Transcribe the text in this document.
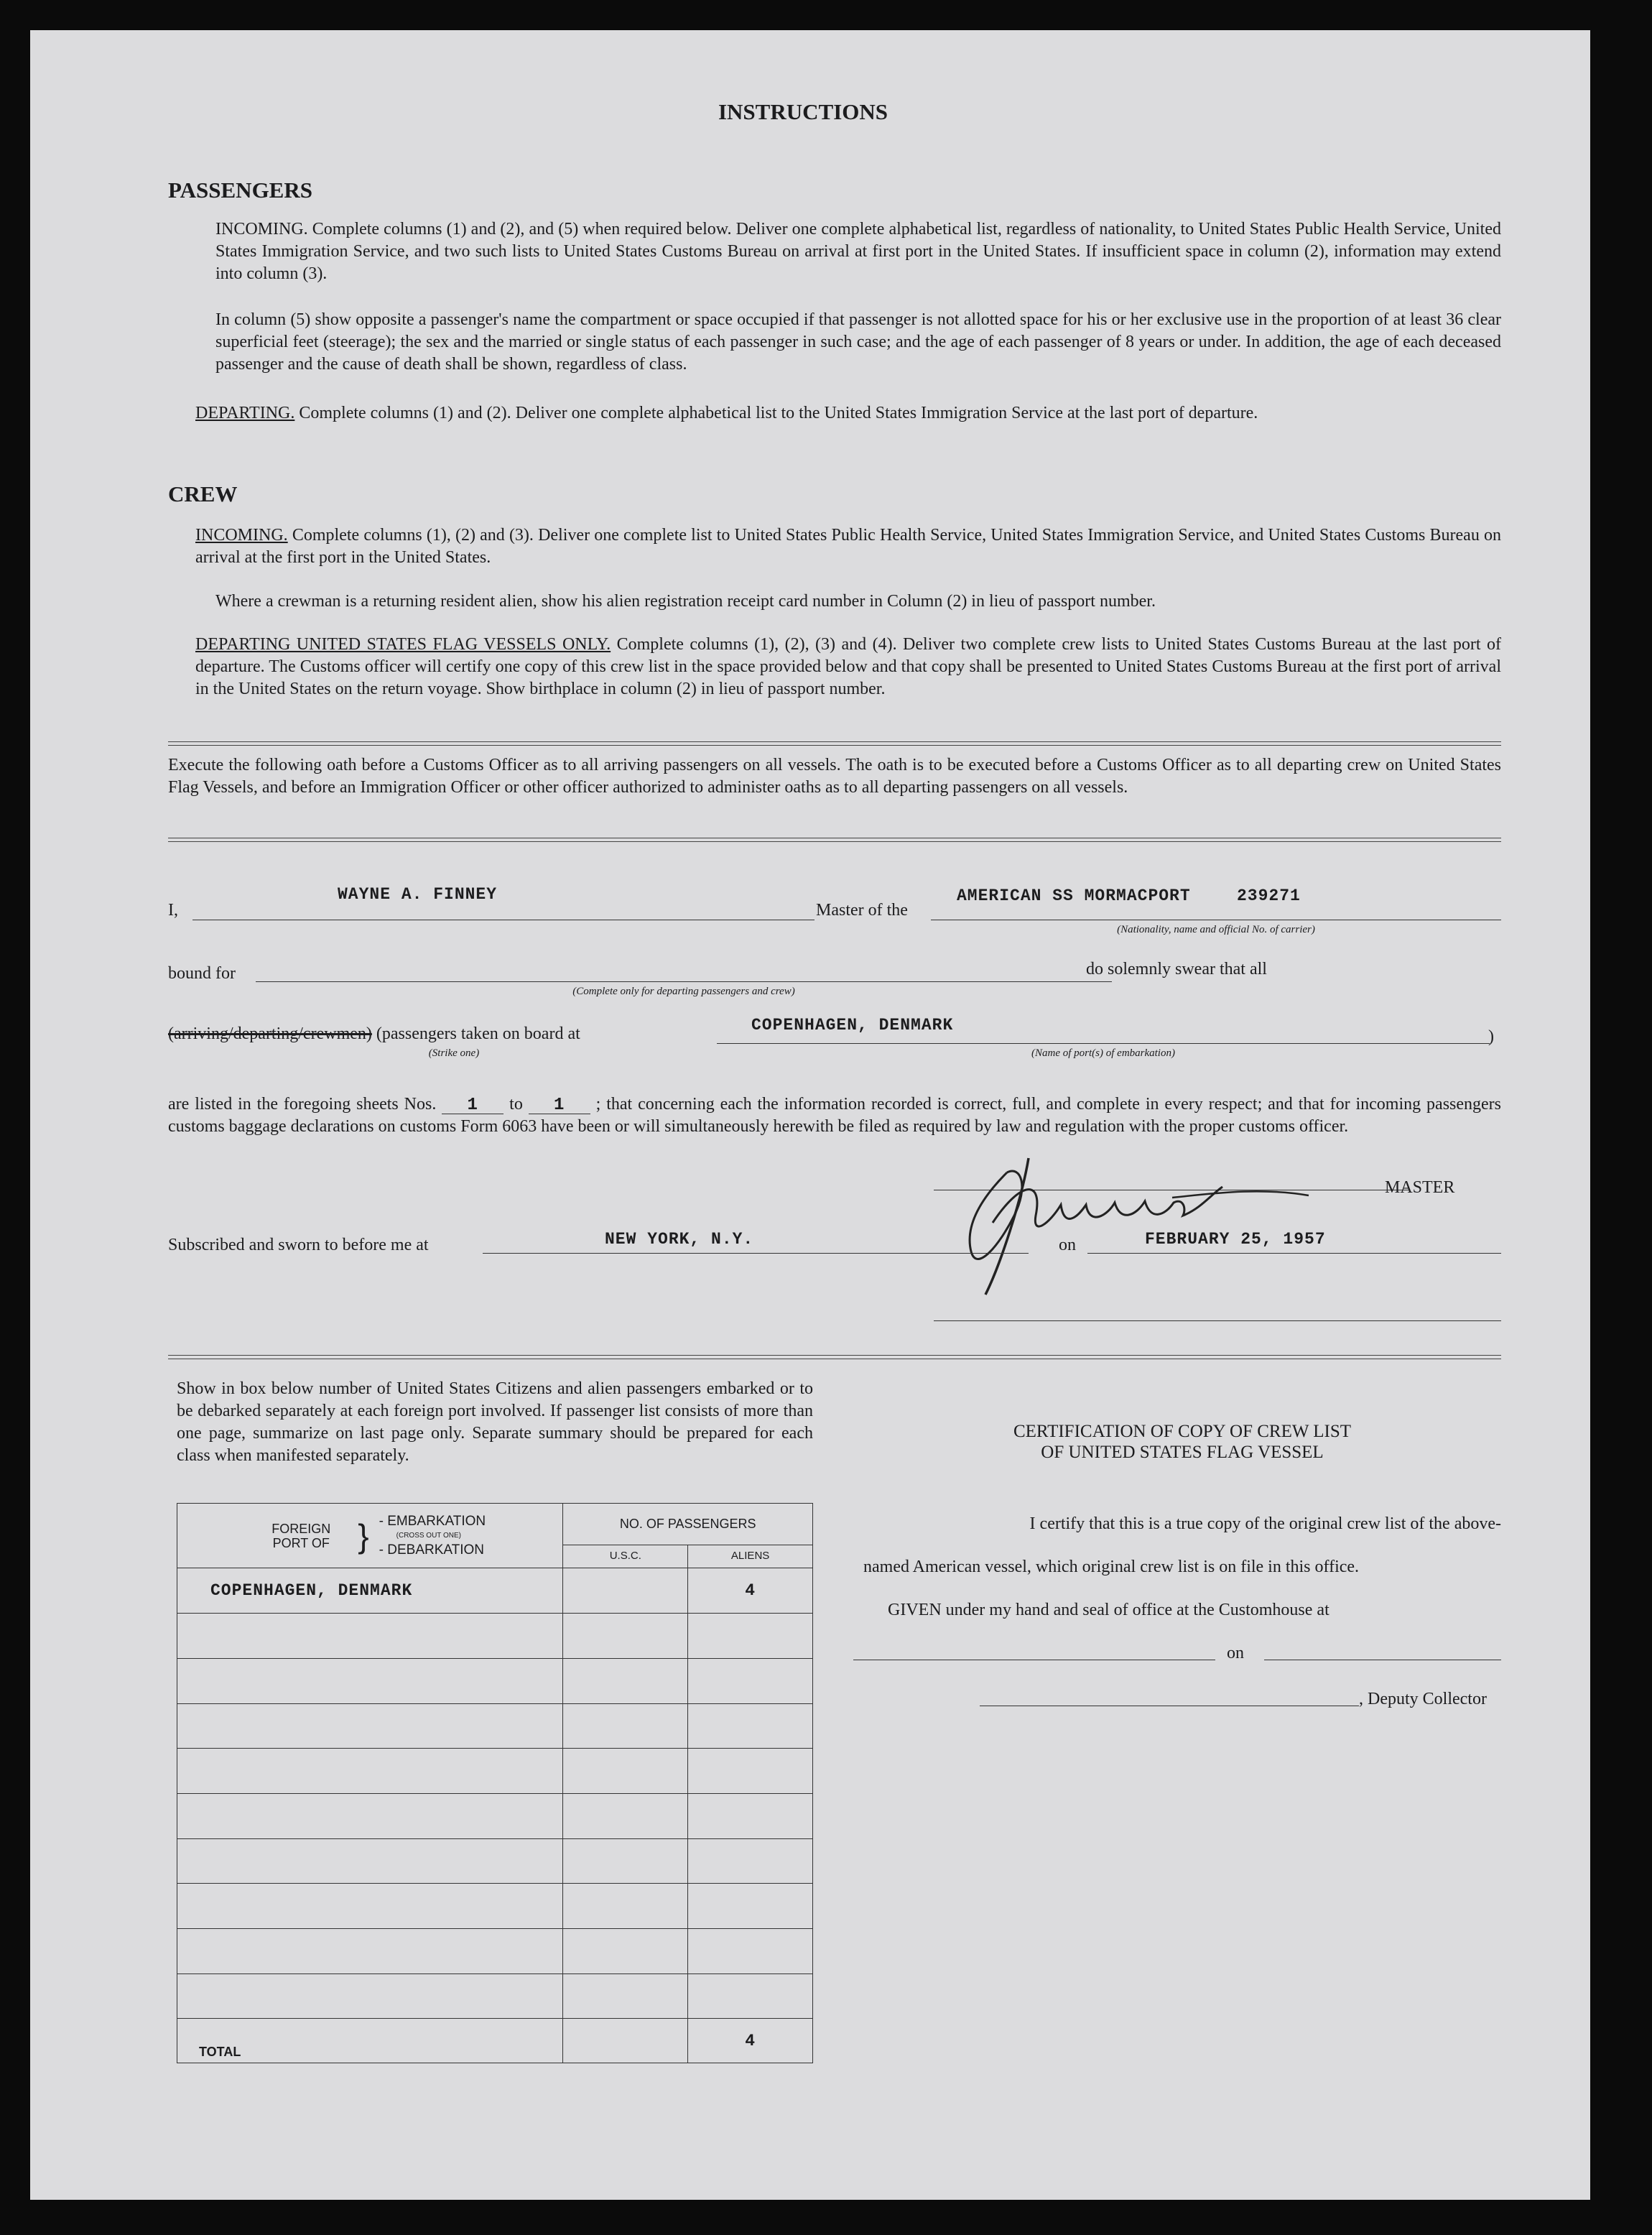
INSTRUCTIONS
PASSENGERS
INCOMING. Complete columns (1) and (2), and (5) when required below. Deliver one complete alphabetical list, regardless of nationality, to United States Public Health Service, United States Immigration Service, and two such lists to United States Customs Bureau on arrival at first port in the United States. If insufficient space in column (2), information may extend into column (3).
In column (5) show opposite a passenger's name the compartment or space occupied if that passenger is not allotted space for his or her exclusive use in the proportion of at least 36 clear superficial feet (steerage); the sex and the married or single status of each passenger in such case; and the age of each passenger of 8 years or under. In addition, the age of each deceased passenger and the cause of death shall be shown, regardless of class.
DEPARTING. Complete columns (1) and (2). Deliver one complete alphabetical list to the United States Immigration Service at the last port of departure.
CREW
INCOMING. Complete columns (1), (2) and (3). Deliver one complete list to United States Public Health Service, United States Immigration Service, and United States Customs Bureau on arrival at the first port in the United States.
Where a crewman is a returning resident alien, show his alien registration receipt card number in Column (2) in lieu of passport number.
DEPARTING UNITED STATES FLAG VESSELS ONLY. Complete columns (1), (2), (3) and (4). Deliver two complete crew lists to United States Customs Bureau at the last port of departure. The Customs officer will certify one copy of this crew list in the space provided below and that copy shall be presented to United States Customs Bureau at the first port of arrival in the United States on the return voyage. Show birthplace in column (2) in lieu of passport number.
Execute the following oath before a Customs Officer as to all arriving passengers on all vessels. The oath is to be executed before a Customs Officer as to all departing crew on United States Flag Vessels, and before an Immigration Officer or other officer authorized to administer oaths as to all departing passengers on all vessels.
I,
WAYNE A. FINNEY
Master of the
AMERICAN SS MORMACPORT	239271
(Nationality, name and official No. of carrier)
bound for
(Complete only for departing passengers and crew)
do solemnly swear that all
(arriving/departing/crewmen) (passengers taken on board at
(Strike one)
COPENHAGEN, DENMARK
(Name of port(s) of embarkation)
)
are listed in the foregoing sheets Nos. 1 to 1 ; that concerning each the information recorded is correct, full, and complete in every respect; and that for incoming passengers customs baggage declarations on customs Form 6063 have been or will simultaneously herewith be filed as required by law and regulation with the proper customs officer.
MASTER
Subscribed and sworn to before me at	NEW YORK, N.Y.	on	FEBRUARY 25, 1957
Show in box below number of United States Citizens and alien passengers embarked or to be debarked separately at each foreign port involved. If passenger list consists of more than one page, summarize on last page only. Separate summary should be prepared for each class when manifested separately.
FOREIGN PORT OF } - EMBARKATION
(CROSS OUT ONE)
- DEBARKATION	NO. OF PASSENGERS	
	U.S.C.	ALIENS
COPENHAGEN, DENMARK		4

TOTAL		4
CERTIFICATION OF COPY OF CREW LIST
OF UNITED STATES FLAG VESSEL
I certify that this is a true copy of the original crew list of the above-
named American vessel, which original crew list is on file in this office.
GIVEN under my hand and seal of office at the Customhouse at
on
, Deputy Collector
